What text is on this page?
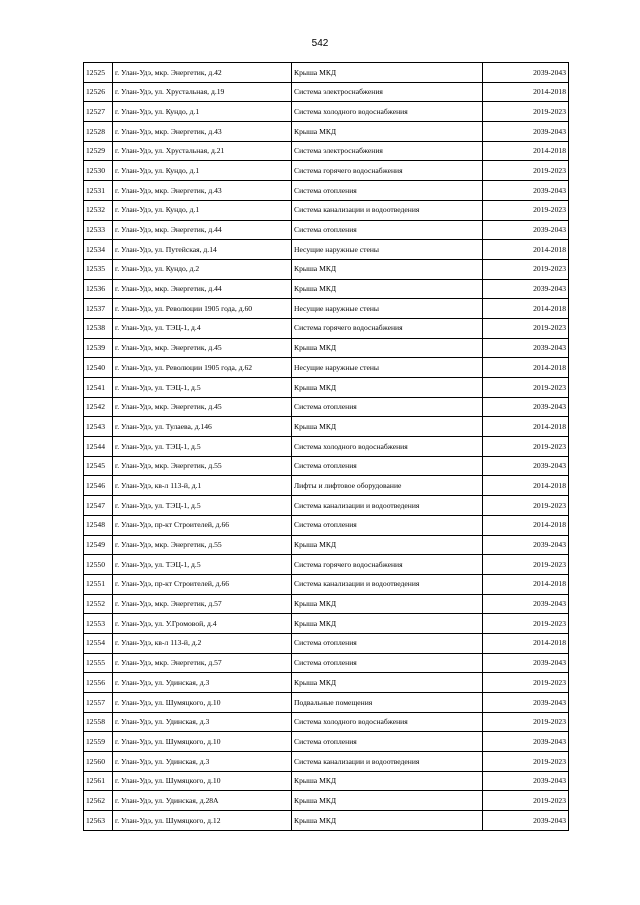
542
12525	г. Улан-Удэ, мкр. Энергетик, д.42	Крыша МКД	2039-2043
12526	г. Улан-Удэ, ул. Хрустальная, д.19	Система электроснабжения	2014-2018
12527	г. Улан-Удэ, ул. Кундо, д.1	Система холодного водоснабжения	2019-2023
12528	г. Улан-Удэ, мкр. Энергетик, д.43	Крыша МКД	2039-2043
12529	г. Улан-Удэ, ул. Хрустальная, д.21	Система электроснабжения	2014-2018
12530	г. Улан-Удэ, ул. Кундо, д.1	Система горячего водоснабжения	2019-2023
12531	г. Улан-Удэ, мкр. Энергетик, д.43	Система отопления	2039-2043
12532	г. Улан-Удэ, ул. Кундо, д.1	Система канализации и водоотведения	2019-2023
12533	г. Улан-Удэ, мкр. Энергетик, д.44	Система отопления	2039-2043
12534	г. Улан-Удэ, ул. Путейская, д.14	Несущие наружные стены	2014-2018
12535	г. Улан-Удэ, ул. Кундо, д.2	Крыша МКД	2019-2023
12536	г. Улан-Удэ, мкр. Энергетик, д.44	Крыша МКД	2039-2043
12537	г. Улан-Удэ, ул. Революции 1905 года, д.60	Несущие наружные стены	2014-2018
12538	г. Улан-Удэ, ул. ТЭЦ-1, д.4	Система горячего водоснабжения	2019-2023
12539	г. Улан-Удэ, мкр. Энергетик, д.45	Крыша МКД	2039-2043
12540	г. Улан-Удэ, ул. Революции 1905 года, д.62	Несущие наружные стены	2014-2018
12541	г. Улан-Удэ, ул. ТЭЦ-1, д.5	Крыша МКД	2019-2023
12542	г. Улан-Удэ, мкр. Энергетик, д.45	Система отопления	2039-2043
12543	г. Улан-Удэ, ул. Тулаева, д.146	Крыша МКД	2014-2018
12544	г. Улан-Удэ, ул. ТЭЦ-1, д.5	Система холодного водоснабжения	2019-2023
12545	г. Улан-Удэ, мкр. Энергетик, д.55	Система отопления	2039-2043
12546	г. Улан-Удэ, кв-л 113-й, д.1	Лифты и лифтовое оборудование	2014-2018
12547	г. Улан-Удэ, ул. ТЭЦ-1, д.5	Система канализации и водоотведения	2019-2023
12548	г. Улан-Удэ, пр-кт Строителей, д.66	Система отопления	2014-2018
12549	г. Улан-Удэ, мкр. Энергетик, д.55	Крыша МКД	2039-2043
12550	г. Улан-Удэ, ул. ТЭЦ-1, д.5	Система горячего водоснабжения	2019-2023
12551	г. Улан-Удэ, пр-кт Строителей, д.66	Система канализации и водоотведения	2014-2018
12552	г. Улан-Удэ, мкр. Энергетик, д.57	Крыша МКД	2039-2043
12553	г. Улан-Удэ, ул. У.Громовой, д.4	Крыша МКД	2019-2023
12554	г. Улан-Удэ, кв-л 113-й, д.2	Система отопления	2014-2018
12555	г. Улан-Удэ, мкр. Энергетик, д.57	Система отопления	2039-2043
12556	г. Улан-Удэ, ул. Удинская, д.3	Крыша МКД	2019-2023
12557	г. Улан-Удэ, ул. Шумяцкого, д.10	Подвальные помещения	2039-2043
12558	г. Улан-Удэ, ул. Удинская, д.3	Система холодного водоснабжения	2019-2023
12559	г. Улан-Удэ, ул. Шумяцкого, д.10	Система отопления	2039-2043
12560	г. Улан-Удэ, ул. Удинская, д.3	Система канализации и водоотведения	2019-2023
12561	г. Улан-Удэ, ул. Шумяцкого, д.10	Крыша МКД	2039-2043
12562	г. Улан-Удэ, ул. Удинская, д.28А	Крыша МКД	2019-2023
12563	г. Улан-Удэ, ул. Шумяцкого, д.12	Крыша МКД	2039-2043
